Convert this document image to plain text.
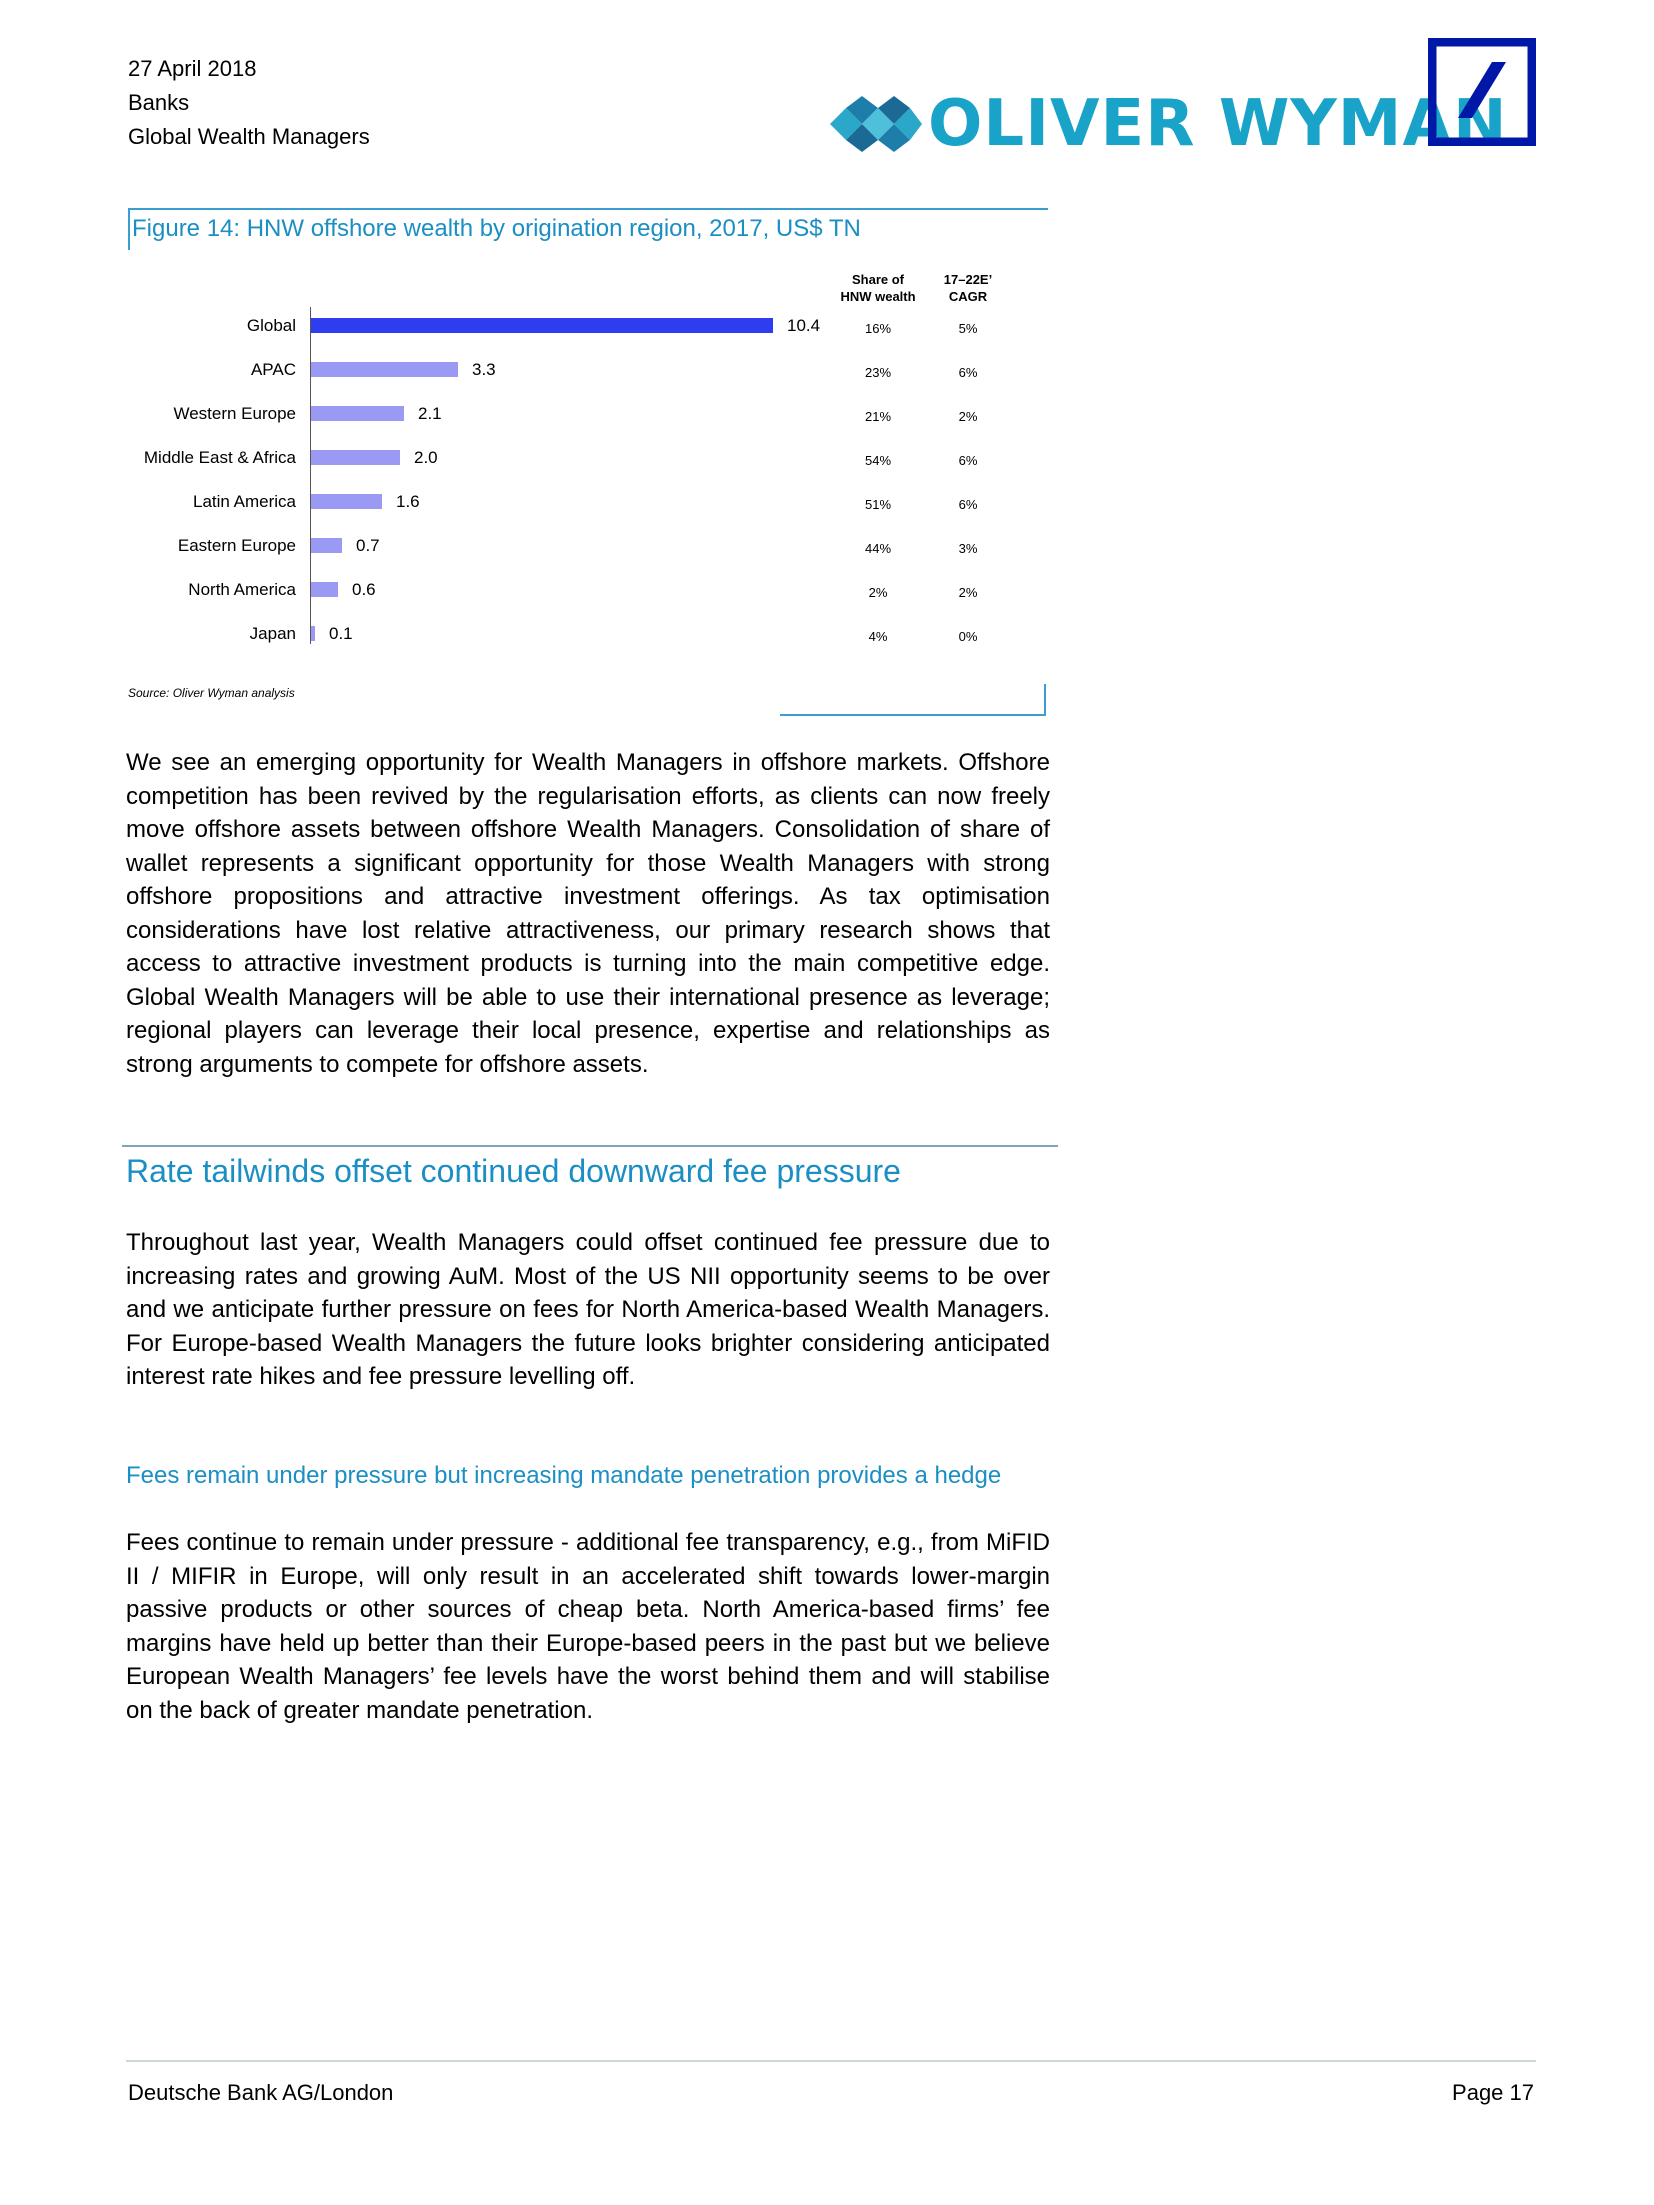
27 April 2018
Banks
Global Wealth Managers	OLIVER WYMAN
Figure 14: HNW offshore wealth by origination region, 2017, US$ TN
Share of
HNW wealth
17–22E’
CAGR
Global	10.4	16%	5%
APAC	3.3	23%	6%
Western Europe	2.1	21%	2%
Middle East & Africa	2.0	54%	6%
Latin America	1.6	51%	6%
Eastern Europe	0.7	44%	3%
North America	0.6	2%	2%
Japan 0.1	4%	0%
Source: Oliver Wyman analysis
We see an emerging opportunity for Wealth Managers in offshore markets. Offshore competition has been revived by the regularisation efforts, as clients can now freely move offshore assets between offshore Wealth Managers. Consolidation of share of wallet represents a significant opportunity for those Wealth Managers with strong offshore propositions and attractive investment offerings. As tax optimisation considerations have lost relative attractiveness, our primary research shows that access to attractive investment products is turning into the main competitive edge. Global Wealth Managers will be able to use their international presence as leverage; regional players can leverage their local presence, expertise and relationships as strong arguments to compete for offshore assets.
Rate tailwinds offset continued downward fee pressure
Throughout last year, Wealth Managers could offset continued fee pressure due to increasing rates and growing AuM. Most of the US NII opportunity seems to be over and we anticipate further pressure on fees for North America-based Wealth Managers. For Europe-based Wealth Managers the future looks brighter considering anticipated interest rate hikes and fee pressure levelling off.
Fees remain under pressure but increasing mandate penetration provides a hedge
Fees continue to remain under pressure - additional fee transparency, e.g., from MiFID II / MIFIR in Europe, will only result in an accelerated shift towards lower-margin passive products or other sources of cheap beta. North America-based firms’ fee margins have held up better than their Europe-based peers in the past but we believe European Wealth Managers’ fee levels have the worst behind them and will stabilise on the back of greater mandate penetration.
Deutsche Bank AG/London	Page 17
